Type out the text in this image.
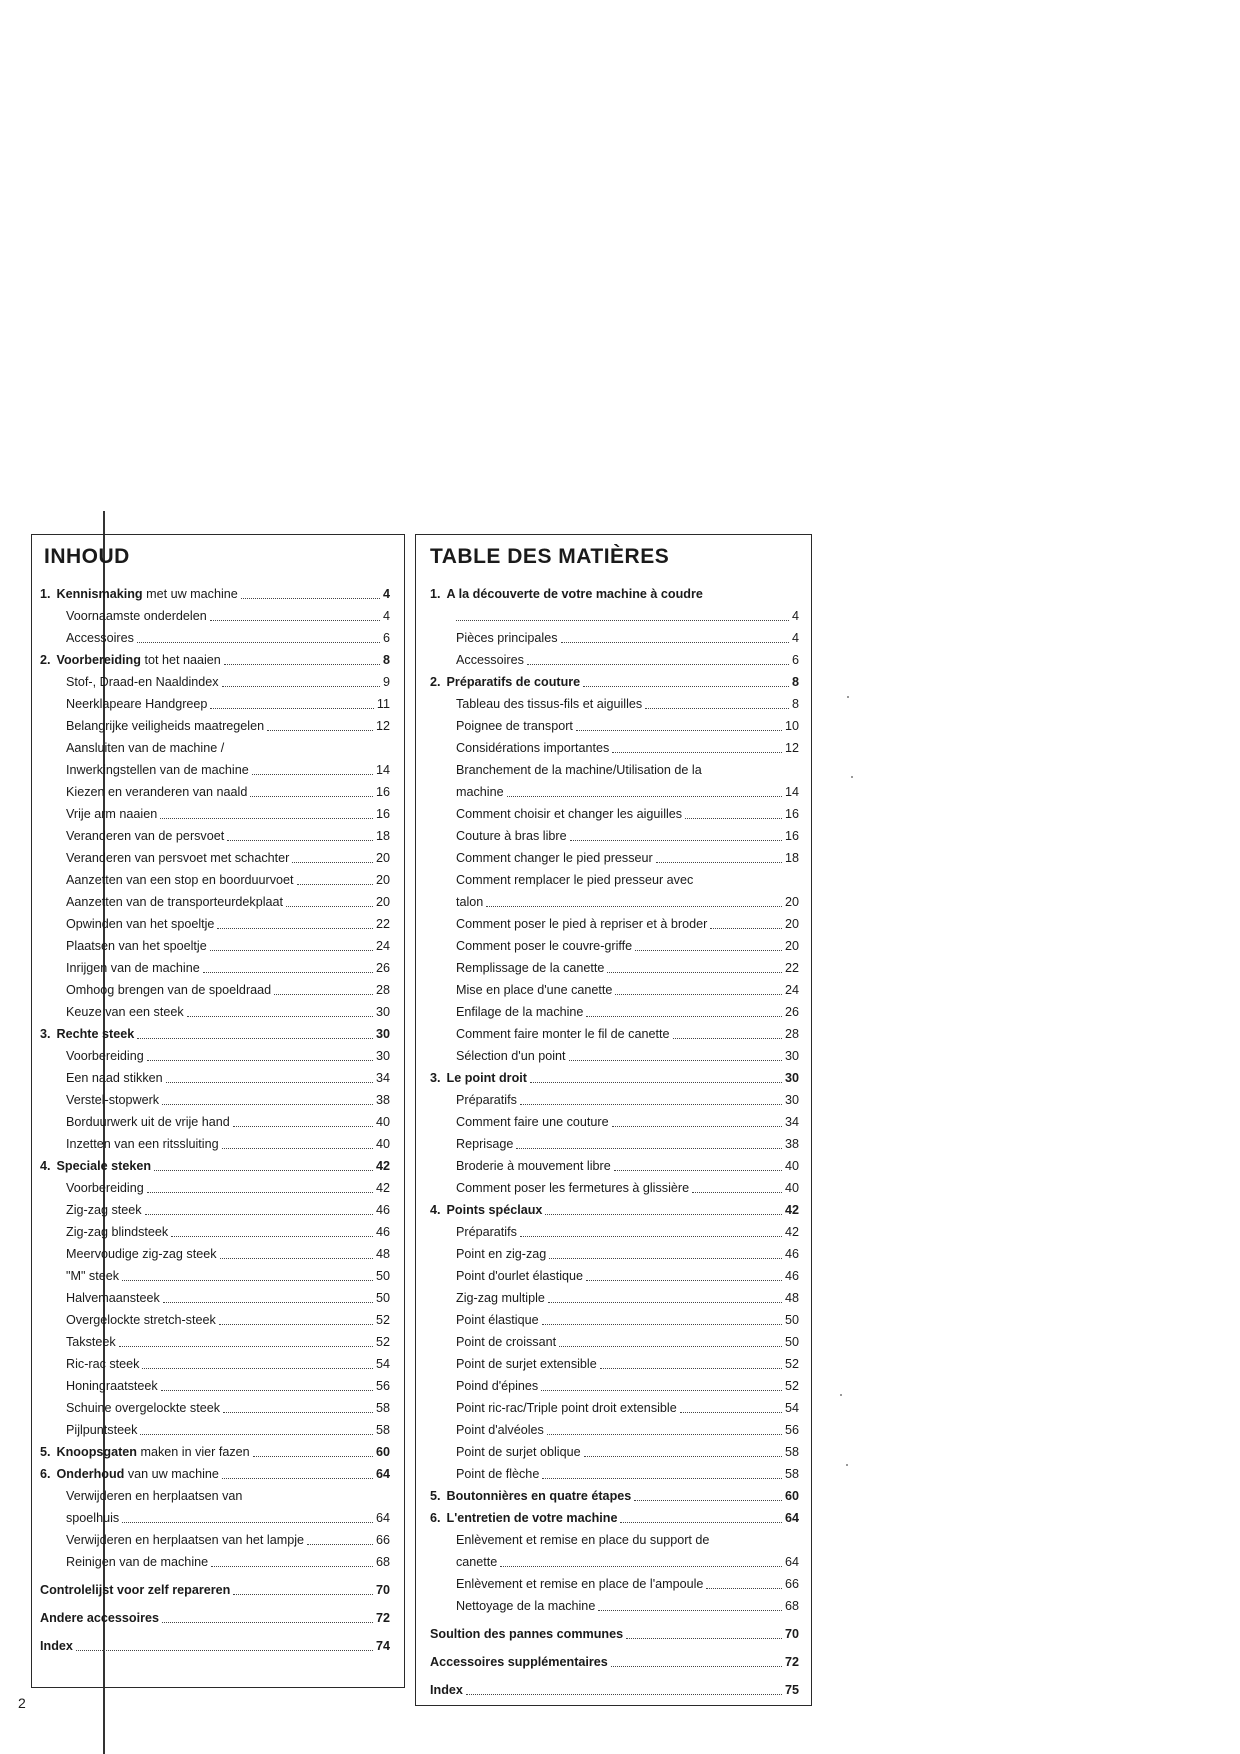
INHOUD
1. Kennismaking met uw machine	4
Voornaamste onderdelen	4
Accessoires	6
2. Voorbereiding tot het naaien	8
Stof-, Draad-en Naaldindex	9
Neerklapeare Handgreep	11
Belangrijke veiligheids maatregelen	12
Aansluiten van de machine /
Inwerkingstellen van de machine	14
Kiezen en veranderen van naald	16
Vrije arm naaien	16
Veranderen van de persvoet	18
Veranderen van persvoet met schachter	20
Aanzetten van een stop en boorduurvoet	20
Aanzetten van de transporteurdekplaat	20
Opwinden van het spoeltje	22
Plaatsen van het spoeltje	24
Inrijgen van de machine	26
Omhoog brengen van de spoeldraad	28
Keuze van een steek	30
3. Rechte steek	30
Voorbereiding	30
Een naad stikken	34
Verstel-stopwerk	38
Borduurwerk uit de vrije hand	40
Inzetten van een ritssluiting	40
4. Speciale steken	42
Voorbereiding	42
Zig-zag steek	46
Zig-zag blindsteek	46
Meervoudige zig-zag steek	48
"M" steek	50
Halvemaansteek	50
Overgelockte stretch-steek	52
Taksteek	52
Ric-rac steek	54
Honingraatsteek	56
Schuine overgelockte steek	58
Pijlpuntsteek	58
5. Knoopsgaten maken in vier fazen	60
6. Onderhoud van uw machine	64
Verwijderen en herplaatsen van
spoelhuis	64
Verwijderen en herplaatsen van het lampje	66
Reinigen van de machine	68
Controlelijst voor zelf repareren	70
Andere accessoires	72
Index	74
TABLE DES MATIÈRES
1. A la découverte de votre machine à coudre
4
Pièces principales	4
Accessoires	6
2. Préparatifs de couture	8
Tableau des tissus-fils et aiguilles	8
Poignee de transport	10
Considérations importantes	12
Branchement de la machine/Utilisation de la
machine	14
Comment choisir et changer les aiguilles	16
Couture à bras libre	16
Comment changer le pied presseur	18
Comment remplacer le pied presseur avec
talon	20
Comment poser le pied à repriser et à broder	20
Comment poser le couvre-griffe	20
Remplissage de la canette	22
Mise en place d'une canette	24
Enfilage de la machine	26
Comment faire monter le fil de canette	28
Sélection d'un point	30
3. Le point droit	30
Préparatifs	30
Comment faire une couture	34
Reprisage	38
Broderie à mouvement libre	40
Comment poser les fermetures à glissière	40
4. Points spéclaux	42
Préparatifs	42
Point en zig-zag	46
Point d'ourlet élastique	46
Zig-zag multiple	48
Point élastique	50
Point de croissant	50
Point de surjet extensible	52
Poind d'épines	52
Point ric-rac/Triple point droit extensible	54
Point d'alvéoles	56
Point de surjet oblique	58
Point de flèche	58
5. Boutonnières en quatre étapes	60
6. L'entretien de votre machine	64
Enlèvement et remise en place du support de
canette	64
Enlèvement et remise en place de l'ampoule	66
Nettoyage de la machine	68
Soultion des pannes communes	70
Accessoires supplémentaires	72
Index	75
2
